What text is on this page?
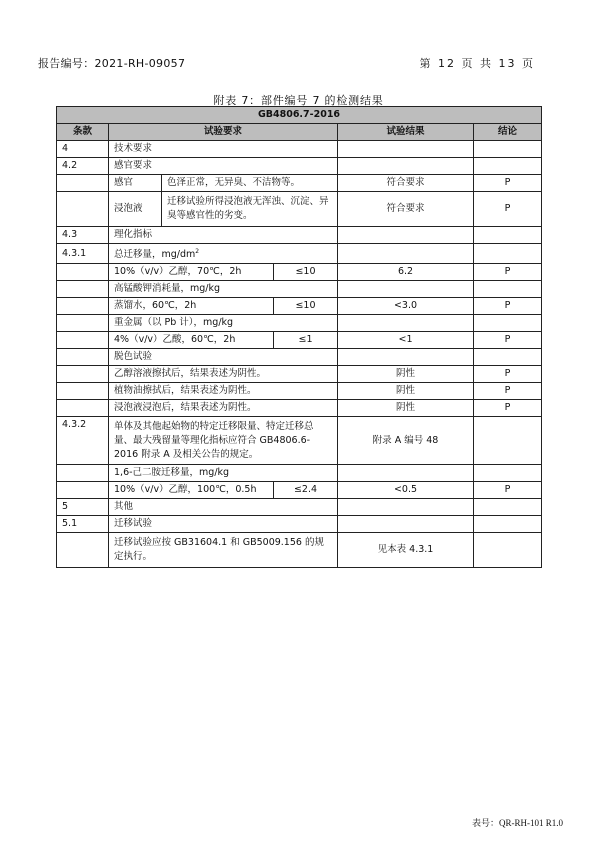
报告编号：2021-RH-09057	第 12 页 共 13 页
附表 7：部件编号 7 的检测结果
GB4806.7-2016					
条款	试验要求			试验结果	结论
4	技术要求				
4.2	感官要求				
	感官	色泽正常，无异臭、不洁物等。		符合要求	P
	浸泡液	迁移试验所得浸泡液无浑浊、沉淀、异臭等感官性的劣变。		符合要求	P
4.3	理化指标				
4.3.1	总迁移量，$mg/dm^2$		
	10%（v/v）乙醇，70℃，2h		≤10	6.2	P
	高锰酸钾消耗量，mg/kg				
	蒸馏水，60℃，2h		≤10	<3.0	P
	重金属（以 Pb 计），mg/kg				
	4%（v/v）乙酸，60℃，2h		≤1	<1	P
	脱色试验				
	乙醇溶液擦拭后，结果表述为阴性。			阴性	P
	植物油擦拭后，结果表述为阴性。			阴性	P
	浸泡液浸泡后，结果表述为阴性。			阴性	P
4.3.2	单体及其他起始物的特定迁移限量、特定迁移总量、最大残留量等理化指标应符合 GB4806.6-2016 附录 A 及相关公告的规定。			附录 A 编号 48	
	1,6-己二胺迁移量，mg/kg				
	10%（v/v）乙醇，100℃，0.5h		≤2.4	<0.5	P
5	其他				
5.1	迁移试验				
	迁移试验应按 GB31604.1 和 GB5009.156 的规定执行。			见本表 4.3.1	
表号：QR-RH-101 R1.0
